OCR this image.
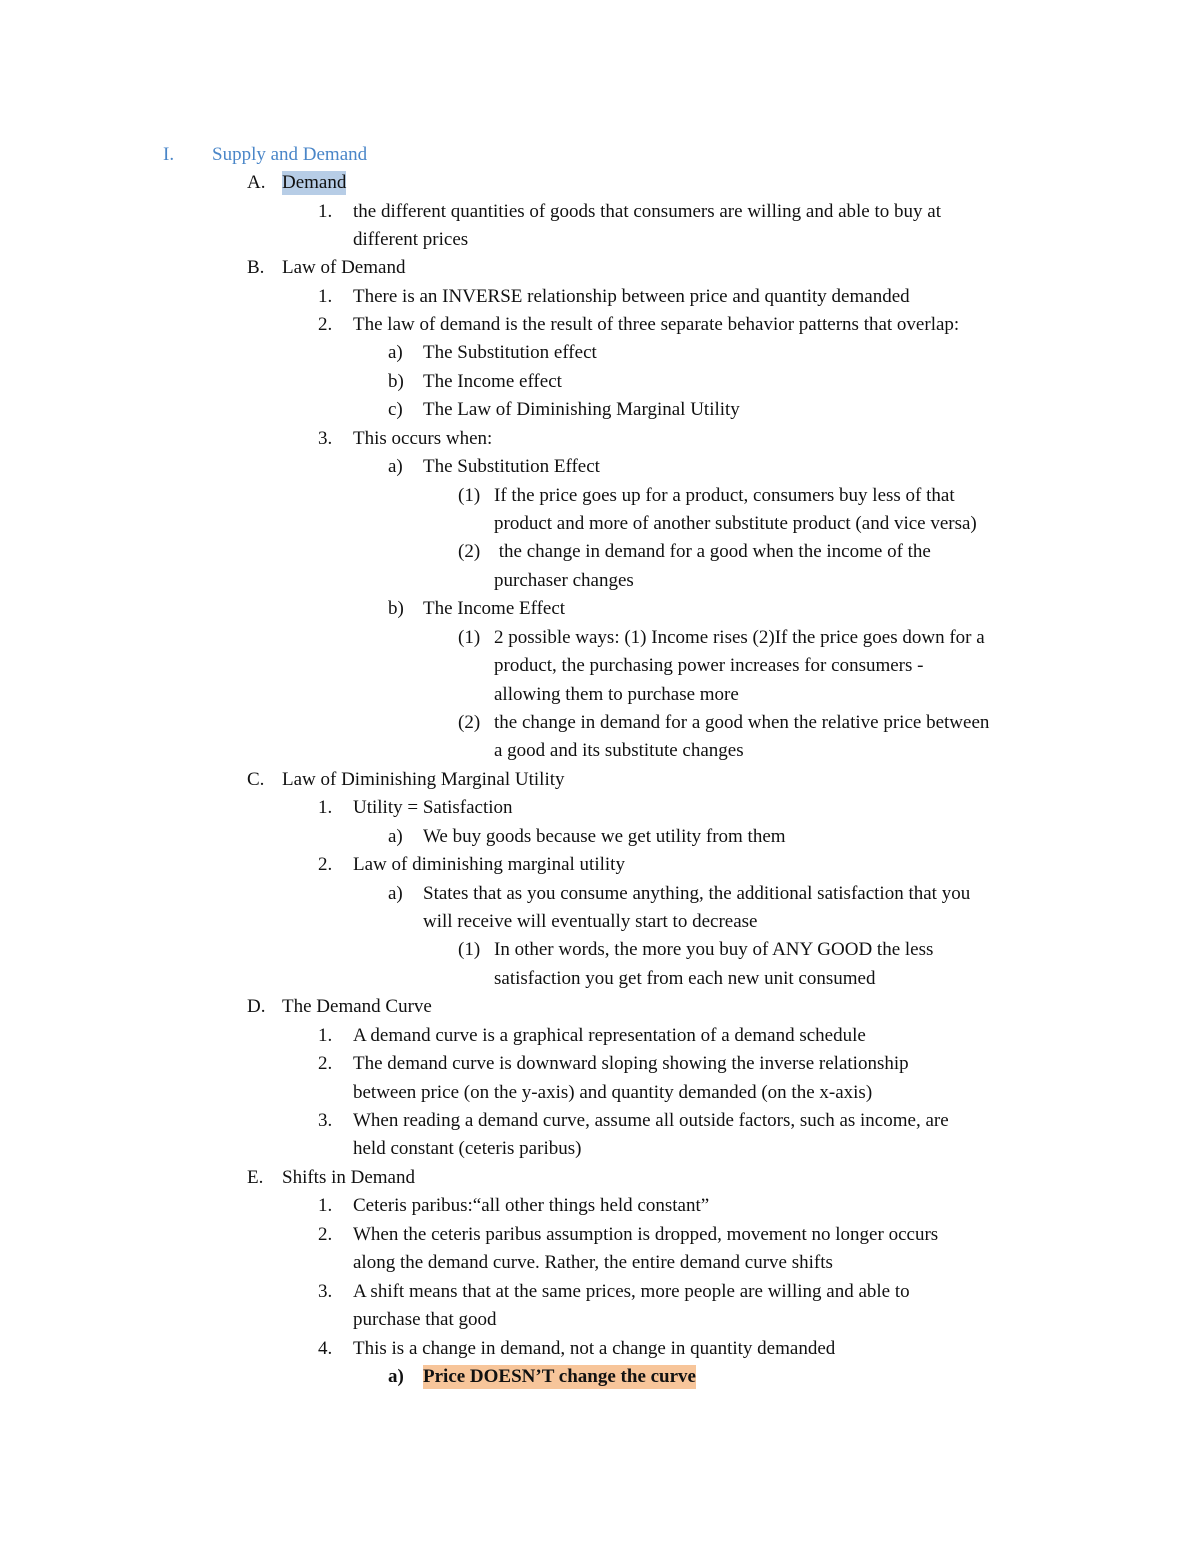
I. Supply and Demand
A. Demand
1. the different quantities of goods that consumers are willing and able to buy at
different prices
B. Law of Demand
1. There is an INVERSE relationship between price and quantity demanded
2. The law of demand is the result of three separate behavior patterns that overlap:
a) The Substitution effect
b) The Income effect
c) The Law of Diminishing Marginal Utility
3. This occurs when:
a) The Substitution Effect
(1) If the price goes up for a product, consumers buy less of that
product and more of another substitute product (and vice versa)
(2) the change in demand for a good when the income of the
purchaser changes
b) The Income Effect
(1) 2 possible ways: (1) Income rises (2)If the price goes down for a
product, the purchasing power increases for consumers -
allowing them to purchase more
(2) the change in demand for a good when the relative price between
a good and its substitute changes
C. Law of Diminishing Marginal Utility
1. Utility = Satisfaction
a) We buy goods because we get utility from them
2. Law of diminishing marginal utility
a) States that as you consume anything, the additional satisfaction that you
will receive will eventually start to decrease
(1) In other words, the more you buy of ANY GOOD the less
satisfaction you get from each new unit consumed
D. The Demand Curve
1. A demand curve is a graphical representation of a demand schedule
2. The demand curve is downward sloping showing the inverse relationship
between price (on the y-axis) and quantity demanded (on the x-axis)
3. When reading a demand curve, assume all outside factors, such as income, are
held constant (ceteris paribus)
E. Shifts in Demand
1. Ceteris paribus:“all other things held constant”
2. When the ceteris paribus assumption is dropped, movement no longer occurs
along the demand curve. Rather, the entire demand curve shifts
3. A shift means that at the same prices, more people are willing and able to
purchase that good
4. This is a change in demand, not a change in quantity demanded
a) Price DOESN’T change the curve
